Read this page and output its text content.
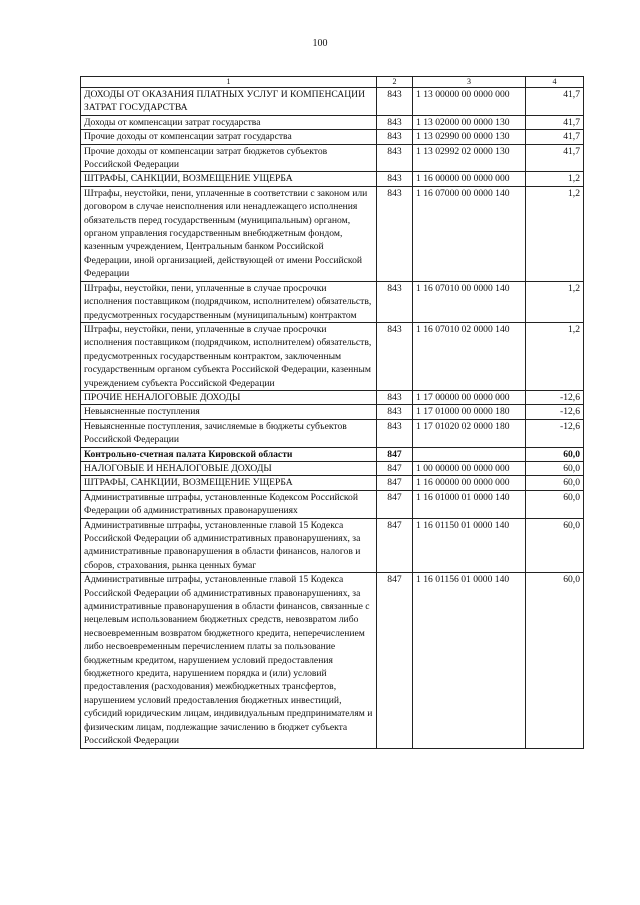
100
1	2	3	4
ДОХОДЫ ОТ ОКАЗАНИЯ ПЛАТНЫХ УСЛУГ И КОМПЕНСАЦИИ ЗАТРАТ ГОСУДАРСТВА	843	1 13 00000 00 0000 000	41,7
Доходы от компенсации затрат государства	843	1 13 02000 00 0000 130	41,7
Прочие доходы от компенсации затрат государства	843	1 13 02990 00 0000 130	41,7
Прочие доходы от компенсации затрат бюджетов субъектов Российской Федерации	843	1 13 02992 02 0000 130	41,7
ШТРАФЫ, САНКЦИИ, ВОЗМЕЩЕНИЕ УЩЕРБА	843	1 16 00000 00 0000 000	1,2
Штрафы, неустойки, пени, уплаченные в соответствии с законом или договором в случае неисполнения или ненадлежащего исполнения обязательств перед государственным (муниципальным) органом, органом управления государственным внебюджетным фондом, казенным учреждением, Центральным банком Российской Федерации, иной организацией, действующей от имени Российской Федерации	843	1 16 07000 00 0000 140	1,2
Штрафы, неустойки, пени, уплаченные в случае просрочки исполнения поставщиком (подрядчиком, исполнителем) обязательств, предусмотренных государственным (муниципальным) контрактом	843	1 16 07010 00 0000 140	1,2
Штрафы, неустойки, пени, уплаченные в случае просрочки исполнения поставщиком (подрядчиком, исполнителем) обязательств, предусмотренных государственным контрактом, заключенным государственным органом субъекта Российской Федерации, казенным учреждением субъекта Российской Федерации	843	1 16 07010 02 0000 140	1,2
ПРОЧИЕ НЕНАЛОГОВЫЕ ДОХОДЫ	843	1 17 00000 00 0000 000	-12,6
Невыясненные поступления	843	1 17 01000 00 0000 180	-12,6
Невыясненные поступления, зачисляемые в бюджеты субъектов Российской Федерации	843	1 17 01020 02 0000 180	-12,6
Контрольно-счетная палата Кировской области	847		60,0
НАЛОГОВЫЕ И НЕНАЛОГОВЫЕ ДОХОДЫ	847	1 00 00000 00 0000 000	60,0
ШТРАФЫ, САНКЦИИ, ВОЗМЕЩЕНИЕ УЩЕРБА	847	1 16 00000 00 0000 000	60,0
Административные штрафы, установленные Кодексом Российской Федерации об административных правонарушениях	847	1 16 01000 01 0000 140	60,0
Административные штрафы, установленные главой 15 Кодекса Российской Федерации об административных правонарушениях, за административные правонарушения в области финансов, налогов и сборов, страхования, рынка ценных бумаг	847	1 16 01150 01 0000 140	60,0
Административные штрафы, установленные главой 15 Кодекса Российской Федерации об административных правонарушениях, за административные правонарушения в области финансов, связанные с нецелевым использованием бюджетных средств, невозвратом либо несвоевременным возвратом бюджетного кредита, неперечислением либо несвоевременным перечислением платы за пользование бюджетным кредитом, нарушением условий предоставления бюджетного кредита, нарушением порядка и (или) условий предоставления (расходования) межбюджетных трансфертов, нарушением условий предоставления бюджетных инвестиций, субсидий юридическим лицам, индивидуальным предпринимателям и физическим лицам, подлежащие зачислению в бюджет субъекта Российской Федерации	847	1 16 01156 01 0000 140	60,0
